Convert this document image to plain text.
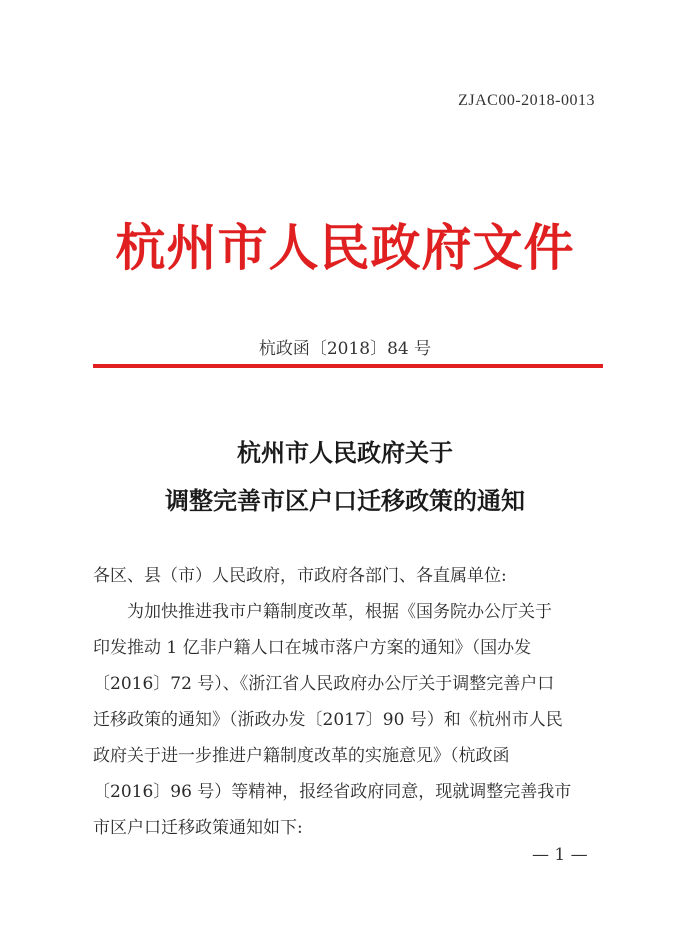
ZJAC00-2018-0013
杭州市人民政府文件
杭政函〔2018〕84 号
杭州市人民政府关于
调整完善市区户口迁移政策的通知
各区、县（市）人民政府，市政府各部门、各直属单位:
　　为加快推进我市户籍制度改革，根据《国务院办公厅关于
印发推动 1 亿非户籍人口在城市落户方案的通知》（国办发
〔2016〕72 号）、《浙江省人民政府办公厅关于调整完善户口
迁移政策的通知》（浙政办发〔2017〕90 号）和《杭州市人民
政府关于进一步推进户籍制度改革的实施意见》（杭政函
〔2016〕96 号）等精神，报经省政府同意，现就调整完善我市
市区户口迁移政策通知如下:
— 1 —
